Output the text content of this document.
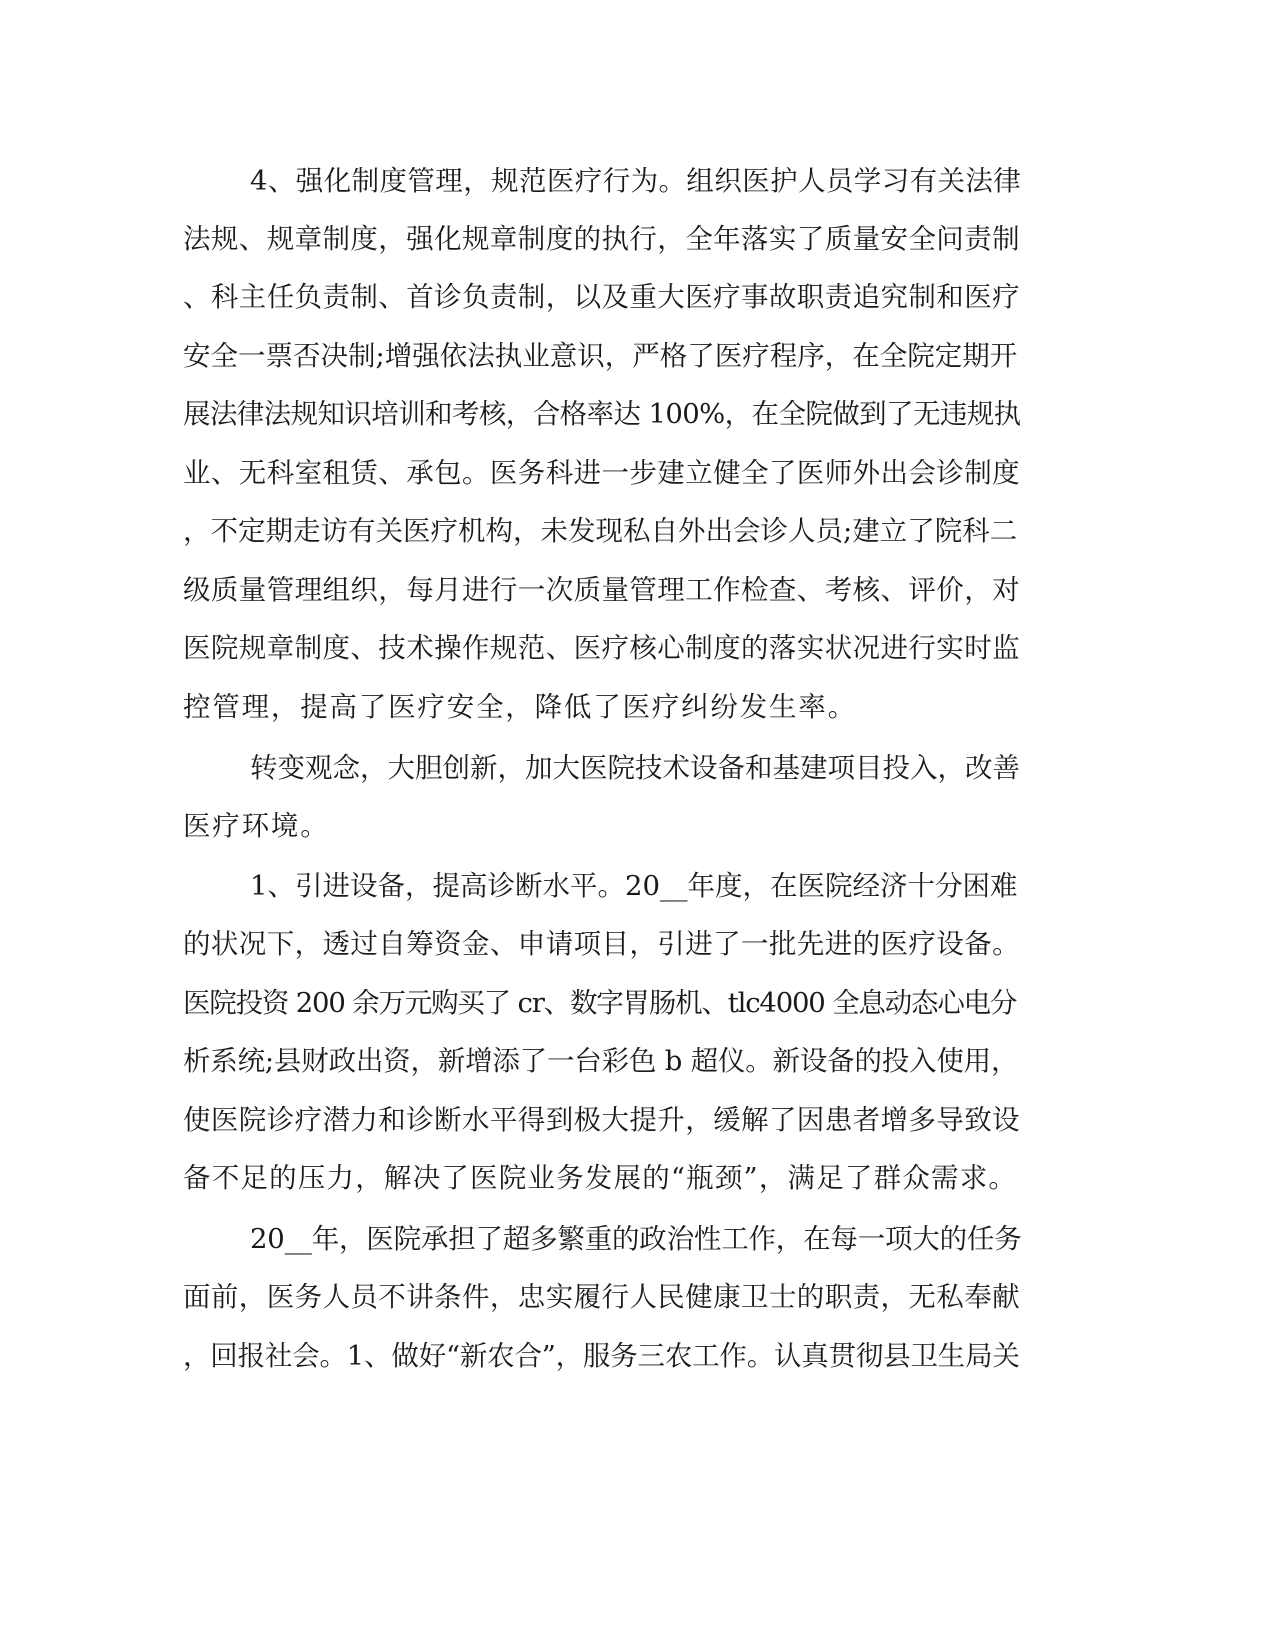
4、强化制度管理，规范医疗行为。组织医护人员学习有关法律
法规、规章制度，强化规章制度的执行，全年落实了质量安全问责制
、科主任负责制、首诊负责制，以及重大医疗事故职责追究制和医疗
安全一票否决制;增强依法执业意识，严格了医疗程序，在全院定期开
展法律法规知识培训和考核，合格率达 100%，在全院做到了无违规执
业、无科室租赁、承包。医务科进一步建立健全了医师外出会诊制度
，不定期走访有关医疗机构，未发现私自外出会诊人员;建立了院科二
级质量管理组织，每月进行一次质量管理工作检查、考核、评价，对
医院规章制度、技术操作规范、医疗核心制度的落实状况进行实时监
控管理，提高了医疗安全，降低了医疗纠纷发生率。
转变观念，大胆创新，加大医院技术设备和基建项目投入，改善
医疗环境。
1、引进设备，提高诊断水平。20__年度，在医院经济十分困难
的状况下，透过自筹资金、申请项目，引进了一批先进的医疗设备。
医院投资 200 余万元购买了 cr、数字胃肠机、tlc4000 全息动态心电分
析系统;县财政出资，新增添了一台彩色 b 超仪。新设备的投入使用，
使医院诊疗潜力和诊断水平得到极大提升，缓解了因患者增多导致设
备不足的压力，解决了医院业务发展的“瓶颈”，满足了群众需求。
20__年，医院承担了超多繁重的政治性工作，在每一项大的任务
面前，医务人员不讲条件，忠实履行人民健康卫士的职责，无私奉献
，回报社会。1、做好“新农合”，服务三农工作。认真贯彻县卫生局关
